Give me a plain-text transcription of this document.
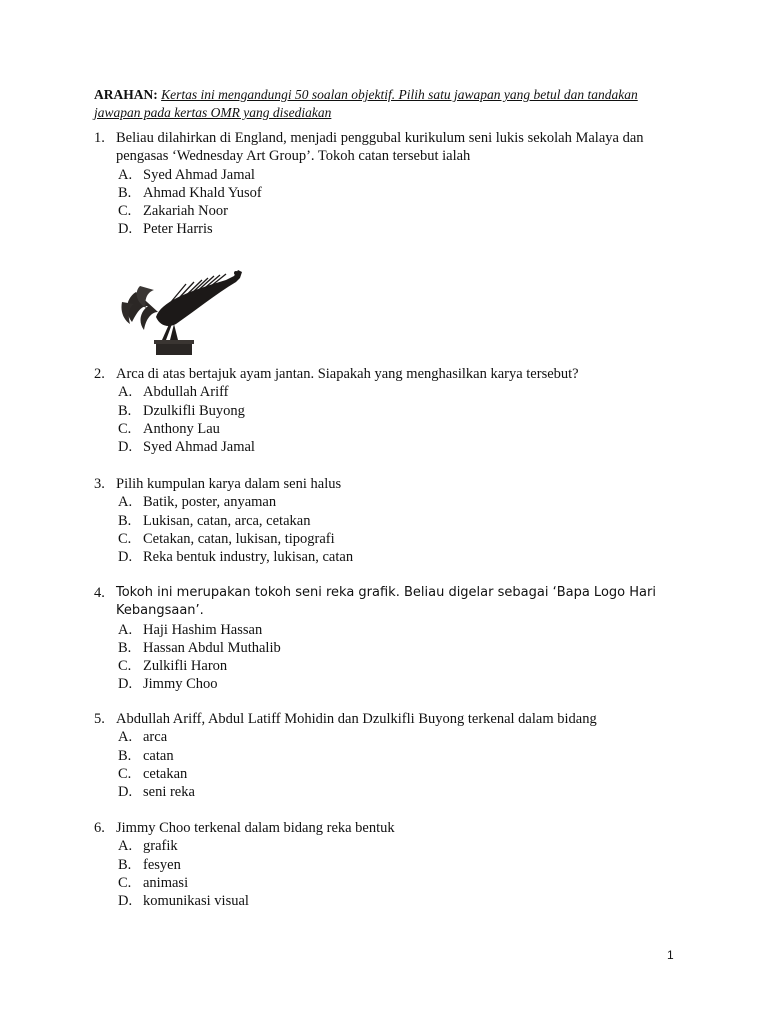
ARAHAN: Kertas ini mengandungi 50 soalan objektif. Pilih satu jawapan yang betul dan tandakan jawapan pada kertas OMR yang disediakan
1. Beliau dilahirkan di England, menjadi penggubal kurikulum seni lukis sekolah Malaya dan pengasas ‘Wednesday Art Group’. Tokoh catan tersebut ialah
A. Syed Ahmad Jamal
B. Ahmad Khald Yusof
C. Zakariah Noor
D. Peter Harris
2. Arca di atas bertajuk ayam jantan. Siapakah yang menghasilkan karya tersebut?
A. Abdullah Ariff
B. Dzulkifli Buyong
C. Anthony Lau
D. Syed Ahmad Jamal
3. Pilih kumpulan karya dalam seni halus
A. Batik, poster, anyaman
B. Lukisan, catan, arca, cetakan
C. Cetakan, catan, lukisan, tipografi
D. Reka bentuk industry, lukisan, catan
4. Tokoh ini merupakan tokoh seni reka grafik. Beliau digelar sebagai ‘Bapa Logo Hari Kebangsaan’.
A. Haji Hashim Hassan
B. Hassan Abdul Muthalib
C. Zulkifli Haron
D. Jimmy Choo
5. Abdullah Ariff, Abdul Latiff Mohidin dan Dzulkifli Buyong terkenal dalam bidang
A. arca
B. catan
C. cetakan
D. seni reka
6. Jimmy Choo terkenal dalam bidang reka bentuk
A. grafik
B. fesyen
C. animasi
D. komunikasi visual
1
